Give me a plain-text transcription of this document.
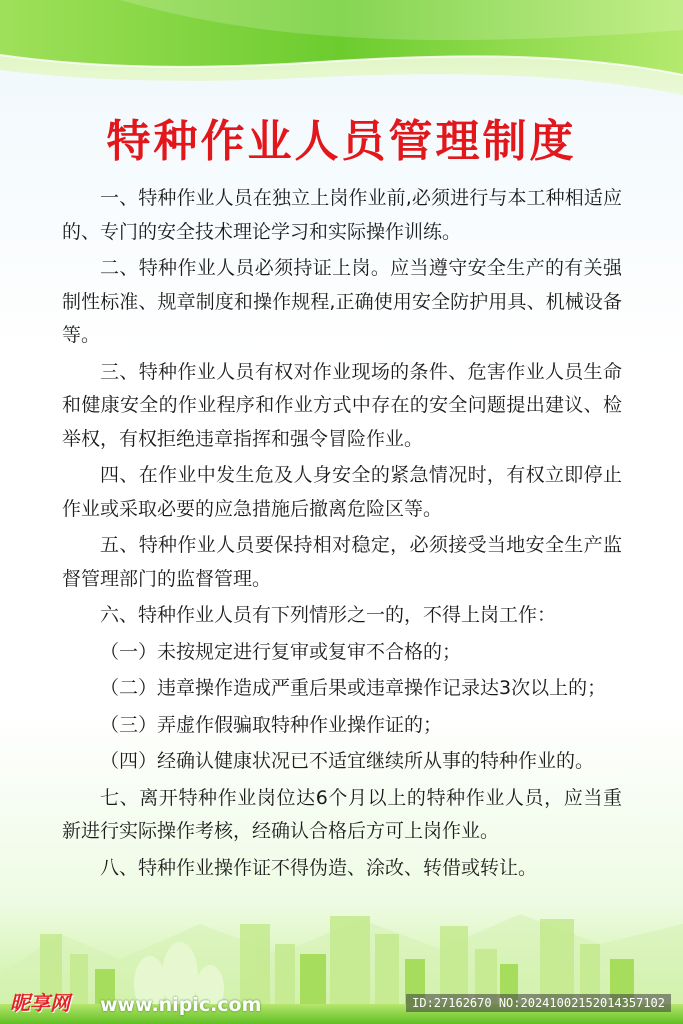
特种作业人员管理制度

一、特种作业人员在独立上岗作业前,必须进行与本工种相适应的、专门的安全技术理论学习和实际操作训练。

二、特种作业人员必须持证上岗。应当遵守安全生产的有关强制性标准、规章制度和操作规程,正确使用安全防护用具、机械设备等。

三、特种作业人员有权对作业现场的条件、危害作业人员生命和健康安全的作业程序和作业方式中存在的安全问题提出建议、检举权，有权拒绝违章指挥和强令冒险作业。

四、在作业中发生危及人身安全的紧急情况时，有权立即停止作业或采取必要的应急措施后撤离危险区等。

五、特种作业人员要保持相对稳定，必须接受当地安全生产监督管理部门的监督管理。

六、特种作业人员有下列情形之一的，不得上岗工作：

（一）未按规定进行复审或复审不合格的；

（二）违章操作造成严重后果或违章操作记录达3次以上的；

（三）弄虚作假骗取特种作业操作证的；

（四）经确认健康状况已不适宜继续所从事的特种作业的。

七、离开特种作业岗位达6个月以上的特种作业人员，应当重新进行实际操作考核，经确认合格后方可上岗作业。

八、特种作业操作证不得伪造、涂改、转借或转让。

昵享网 www.nipic.com	ID:27162670 NO:20241002152014357102
